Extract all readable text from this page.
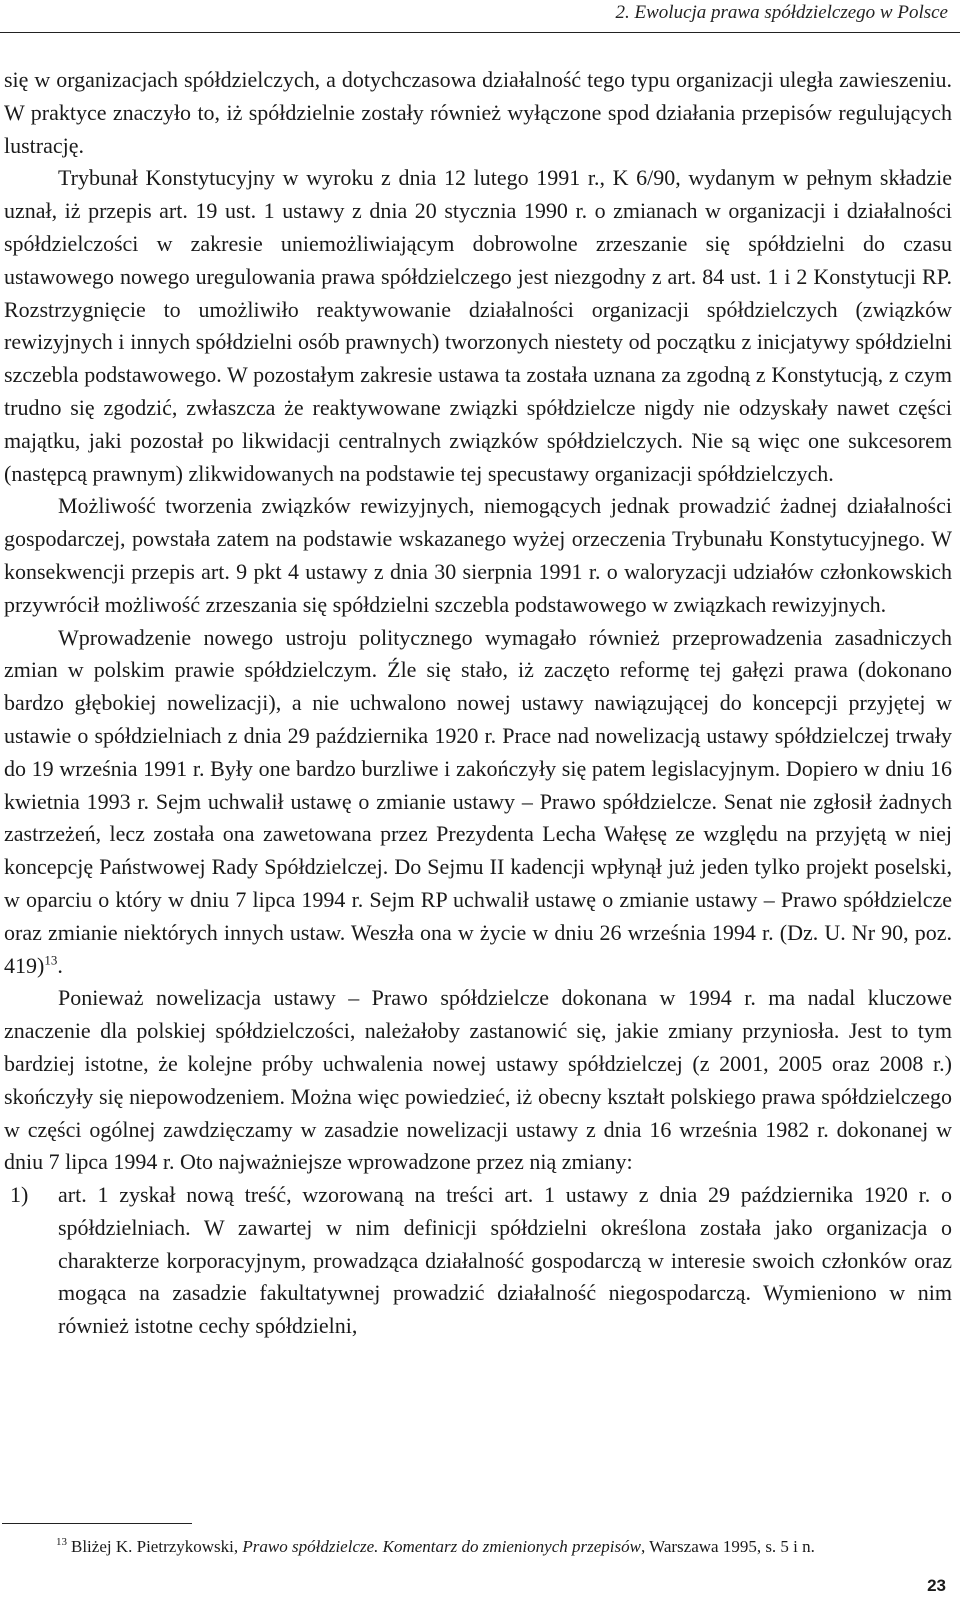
2. Ewolucja prawa spółdzielczego w Polsce

się w organizacjach spółdzielczych, a dotychczasowa działalność tego typu organizacji uległa zawieszeniu. W praktyce znaczyło to, iż spółdzielnie zostały również wyłączone spod działania przepisów regulujących lustrację.

Trybunał Konstytucyjny w wyroku z dnia 12 lutego 1991 r., K 6/90, wydanym w pełnym składzie uznał, iż przepis art. 19 ust. 1 ustawy z dnia 20 stycznia 1990 r. o zmianach w organizacji i działalności spółdzielczości w zakresie uniemożliwiającym dobrowolne zrzeszanie się spółdzielni do czasu ustawowego nowego uregulowania prawa spółdzielczego jest niezgodny z art. 84 ust. 1 i 2 Konstytucji RP. Rozstrzygnięcie to umożliwiło reaktywowanie działalności organizacji spółdzielczych (związków rewizyjnych i innych spółdzielni osób prawnych) tworzonych niestety od początku z inicjatywy spółdzielni szczebla podstawowego. W pozostałym zakresie ustawa ta została uznana za zgodną z Konstytucją, z czym trudno się zgodzić, zwłaszcza że reaktywowane związki spółdzielcze nigdy nie odzyskały nawet części majątku, jaki pozostał po likwidacji centralnych związków spółdzielczych. Nie są więc one sukcesorem (następcą prawnym) zlikwidowanych na podstawie tej specustawy organizacji spółdzielczych.

Możliwość tworzenia związków rewizyjnych, niemogących jednak prowadzić żadnej działalności gospodarczej, powstała zatem na podstawie wskazanego wyżej orzeczenia Trybunału Konstytucyjnego. W konsekwencji przepis art. 9 pkt 4 ustawy z dnia 30 sierpnia 1991 r. o waloryzacji udziałów członkowskich przywrócił możliwość zrzeszania się spółdzielni szczebla podstawowego w związkach rewizyjnych.

Wprowadzenie nowego ustroju politycznego wymagało również przeprowadzenia zasadniczych zmian w polskim prawie spółdzielczym. Źle się stało, iż zaczęto reformę tej gałęzi prawa (dokonano bardzo głębokiej nowelizacji), a nie uchwalono nowej ustawy nawiązującej do koncepcji przyjętej w ustawie o spółdzielniach z dnia 29 października 1920 r. Prace nad nowelizacją ustawy spółdzielczej trwały do 19 września 1991 r. Były one bardzo burzliwe i zakończyły się patem legislacyjnym. Dopiero w dniu 16 kwietnia 1993 r. Sejm uchwalił ustawę o zmianie ustawy – Prawo spółdzielcze. Senat nie zgłosił żadnych zastrzeżeń, lecz została ona zawetowana przez Prezydenta Lecha Wałęsę ze względu na przyjętą w niej koncepcję Państwowej Rady Spółdzielczej. Do Sejmu II kadencji wpłynął już jeden tylko projekt poselski, w oparciu o który w dniu 7 lipca 1994 r. Sejm RP uchwalił ustawę o zmianie ustawy – Prawo spółdzielcze oraz zmianie niektórych innych ustaw. Weszła ona w życie w dniu 26 września 1994 r. (Dz. U. Nr 90, poz. 419)$^{13}$.

Ponieważ nowelizacja ustawy – Prawo spółdzielcze dokonana w 1994 r. ma nadal kluczowe znaczenie dla polskiej spółdzielczości, należałoby zastanowić się, jakie zmiany przyniosła. Jest to tym bardziej istotne, że kolejne próby uchwalenia nowej ustawy spółdzielczej (z 2001, 2005 oraz 2008 r.) skończyły się niepowodzeniem. Można więc powiedzieć, iż obecny kształt polskiego prawa spółdzielczego w części ogólnej zawdzięczamy w zasadzie nowelizacji ustawy z dnia 16 września 1982 r. dokonanej w dniu 7 lipca 1994 r. Oto najważniejsze wprowadzone przez nią zmiany:

1)	art. 1 zyskał nową treść, wzorowaną na treści art. 1 ustawy z dnia 29 października 1920 r. o spółdzielniach. W zawartej w nim definicji spółdzielni określona została jako organizacja o charakterze korporacyjnym, prowadząca działalność gospodarczą w interesie swoich członków oraz mogąca na zasadzie fakultatywnej prowadzić działalność niegospodarczą. Wymieniono w nim również istotne cechy spółdzielni,
$^{13}$ Bliżej K. Pietrzykowski, Prawo spółdzielcze. Komentarz do zmienionych przepisów, Warszawa 1995, s. 5 i n.
23
